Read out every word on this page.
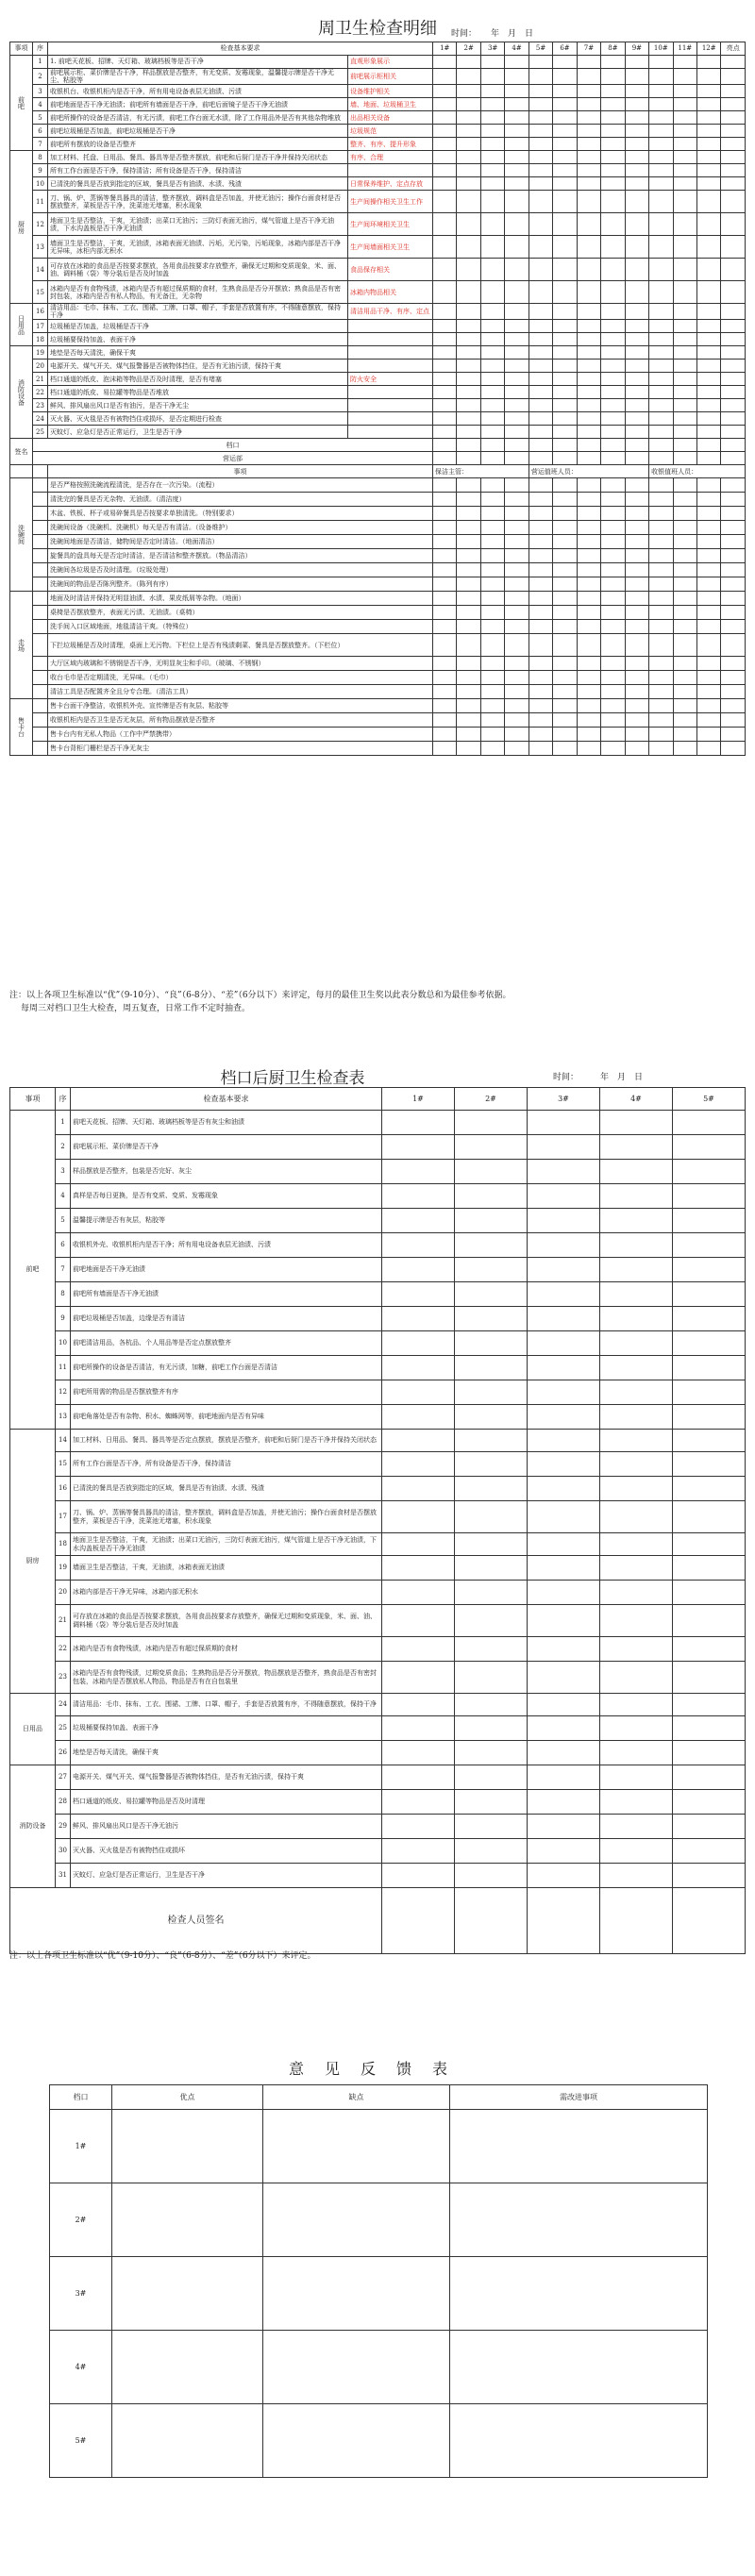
周卫生检查明细	时间： 年　月　日
事项	序	检查基本要求		1#	2#	3#	4#	5#	6#	7#	8#	9#	10#	11#	12#	亮点
前吧	1	1. 前吧天花板、招牌、天灯箱、玻璃档板等是否干净	直观形象展示													
	2	前吧展示柜、菜价牌是否干净，样品摆放是否整齐，有无变质、发霉现象，温馨提示牌是否干净无尘、粘胶等	前吧展示柜相关													
	3	收银机台、收银机柜内是否干净，所有用电设备表层无油渍、污渍	设备维护相关													
	4	前吧地面是否干净无油渍；前吧所有墙面是否干净，前吧后面镜子是否干净无油渍	墙、地面、垃圾桶卫生													
	5	前吧所操作的设备是否清洁，有无污渍，前吧工作台面无水渍，除了工作用品外是否有其他杂物堆放	出品相关设备													
	6	前吧垃圾桶是否加盖，前吧垃圾桶是否干净	垃圾规范													
	7	前吧所有摆放的设备是否整齐	整齐、有序、提升形象													
厨房	8	加工材料、托盘、日用品、餐具、器具等是否整齐摆放，前吧和后厨门是否干净并保持关闭状态	有序、合理													
	9	所有工作台面是否干净，保持清洁；所有设备是否干净，保持清洁														
	10	已清洗的餐具是否放到指定的区域，餐具是否有油渍、水渍、残渣	日常保养维护、定点存放													
	11	刀、锅、炉、蒸锅等餐具器具的清洁，整齐摆放，调料盒是否加盖，并使无油污；操作台面食材是否摆放整齐，菜板是否干净，洗菜池无堵塞，积水现象	生产间操作相关卫生工作													
	12	地面卫生是否整洁，干爽，无油渍；出菜口无油污；三防灯表面无油污，煤气管道上是否干净无油渍，下水沟盖板是否干净无油渍	生产间环境相关卫生													
	13	墙面卫生是否整洁，干爽，无油渍，冰箱表面无油渍、污垢，无污染，污垢现象，冰箱内部是否干净无异味，冰柜内部无积水	生产间墙面相关卫生													
	14	可存放在冰箱的食品是否按要求摆放，各用食品按要求存放整齐，确保无过期和变质现象，米、面、油、调料桶（袋）等分装后是否及时加盖	食品保存相关													
	15	冰箱内是否有食物残渍，冰箱内是否有超过保质期的食材，生熟食品是否分开摆放；熟食品是否有密封包装，冰箱内是否有私人物品，有无备注，无杂物	冰箱内物品相关													
日用品	16	清洁用品：毛巾、抹布、工衣、围裙、工牌、口罩、帽子，手套是否放置有序，不得随意摆放，保持干净	清洁用品干净、有序、定点													
	17	垃圾桶是否加盖，垃圾桶是否干净														
	18	垃圾桶要保持加盖、表面干净														
消防设备	19	地垫是否每天清洗，确保干爽														
	20	电源开关、煤气开关、煤气报警器是否被物体挡住，是否有无油污渍，保持干爽														
	21	档口通道的纸皮、泡沫箱等物品是否及时清理，是否有堵塞	防火安全													
	22	档口通道的纸皮、易拉罐等物品是否堆放														
	23	鲜风、排风扇出风口是否有油污，是否干净无尘														
	24	灭火器、灭火毯是否有被物挡住或损坏，是否定期进行检查														
	25	灭蚊灯、应急灯是否正常运行，卫生是否干净														
签名	档口															
	营运部															
		事项	保洁主管：				营运值班人员：					收银值班人员：			
洗碗间		是否严格按照洗碗流程清洗，是否存在一次污染。（流程）													
		清洗完的餐具是否无杂物、无油渍。（清洁度）													
		木盆、铁板、杯子或易碎餐具是否按要求单独清洗。（特别要求）													
		洗碗间设备（洗碗机、洗碗机）每天是否有清洁。（设备维护）													
		洗碗间地面是否清洁，储物间是否定时清洁。（地面清洁）													
		旋餐具的盘具每天是否定时清洁，是否清洁和整齐摆放。（物品清洁）													
		洗碗间各垃圾是否及时清理。（垃圾处理）													
		洗碗间的物品是否陈列整齐。（陈列有序）													
走场		地面及时清洁并保持无明显油渍、水渍、果皮纸屑等杂物。（地面）													
		桌椅是否摆放整齐，表面无污渍、无油渍。（桌椅）													
		洗手间入口区域地面，地毯清洁干爽。（特殊位）													
		下拦垃圾桶是否及时清理，桌面上无污物。下栏位上是否有残渍剩菜、餐具是否摆放整齐。（下栏位）													
		大厅区域内玻璃和不锈钢是否干净，无明显灰尘和手印。（玻璃、不锈钢）													
		收台毛巾是否定期清洗，无异味。（毛巾）													
		清洁工具是否配置齐全且分专合理。（清洁工具）													
售卡台		售卡台面干净整洁，收银机外壳、宣传牌是否有灰层、粘胶等													
		收银机柜内是否卫生是否无灰层，所有物品摆放是否整齐													
		售卡台内有无私人物品（工作中严禁携带）													
		售卡台背柜门栅栏是否干净无灰尘													
注：以上各项卫生标准以“优”（9-10分）、“良”（6-8分）、“差”（6分以下）来评定，每月的最佳卫生奖以此表分数总和为最佳参考依据。
每周三对档口卫生大检查，周五复查，日常工作不定时抽查。
档口后厨卫生检查表	时间：	年　月　日
事项	序	检查基本要求	1#	2#	3#	4#	5#
前吧	1	前吧天花板、招牌、天灯箱、玻璃档板等是否有灰尘和油渍					
	2	前吧展示柜、菜价牌是否干净					
	3	样品摆放是否整齐，包装是否完好、灰尘					
	4	真样是否每日更换，是否有变质、变质、发霉现象					
	5	温馨提示牌是否有灰层，粘胶等					
	6	收银机外壳、收银机柜内是否干净；所有用电设备表层无油渍、污渍					
	7	前吧地面是否干净无油渍					
	8	前吧所有墙面是否干净无油渍					
	9	前吧垃圾桶是否加盖，边缘是否有清洁					
	10	前吧清洁用品，各杭品、个人用品等是否定点摆放整齐					
	11	前吧所操作的设备是否清洁，有无污渍，加糖，前吧工作台面是否清洁					
	12	前吧所用需的物品是否摆放整齐有序					
	13	前吧角落处是否有杂物、积水、蜘蛛网等，前吧地面内是否有异味					
厨房	14	加工材料、日用品、餐具、器具等是否定点摆放，摆放是否整齐，前吧和后厨门是否干净并保持关闭状态					
	15	所有工作台面是否干净，所有设备是否干净，保持清洁					
	16	已清洗的餐具是否放到指定的区域，餐具是否有油渍、水渍、残渣					
	17	刀、锅、炉、蒸锅等餐具器具的清洁，整齐摆放，调料盒是否加盖，并使无油污；操作台面食材是否摆放整齐，菜板是否干净，洗菜池无堵塞，积水现象					
	18	地面卫生是否整洁，干爽，无油渍；出菜口无油污，三防灯表面无油污，煤气管道上是否干净无油渍，下水沟盖板是否干净无油渍					
	19	墙面卫生是否整洁，干爽，无油渍，冰箱表面无油渍					
	20	冰箱内部是否干净无异味，冰箱内部无积水					
	21	可存放在冰箱的食品是否按要求摆放，各用食品按要求存放整齐，确保无过期和变质现象，米、面、油、调料桶（袋）等分装后是否及时加盖					
	22	冰箱内是否有食物残渍，冰箱内是否有超过保质期的食材					
	23	冰箱内是否有食物残渍，过期变质食品；生熟物品是否分开摆放，物品摆放是否整齐，熟食品是否有密封包装，冰箱内是否摆放私人物品，物品是否有在自包装里					
日用品	24	清洁用品：毛巾、抹布、工衣、围裙、工牌、口罩、帽子，手套是否放置有序，不得随意摆放，保持干净					
	25	垃圾桶要保持加盖、表面干净					
	26	地垫是否每天清洗，确保干爽					
消防设备	27	电源开关、煤气开关、煤气报警器是否被物体挡住，是否有无油污渍，保持干爽					
	28	档口通道的纸皮、易拉罐等物品是否及时清理					
	29	鲜风、排风扇出风口是否干净无油污					
	30	灭火器、灭火毯是否有被物挡住或损坏					
	31	灭蚊灯、应急灯是否正常运行，卫生是否干净					
检查人员签名							
注：以上各项卫生标准以“优”（9-10分）、“良”（6-8分）、“差”（6分以下）来评定。
意见反馈表
档口	优点	缺点	需改进事项
1#			
2#			
3#			
4#			
5#			
